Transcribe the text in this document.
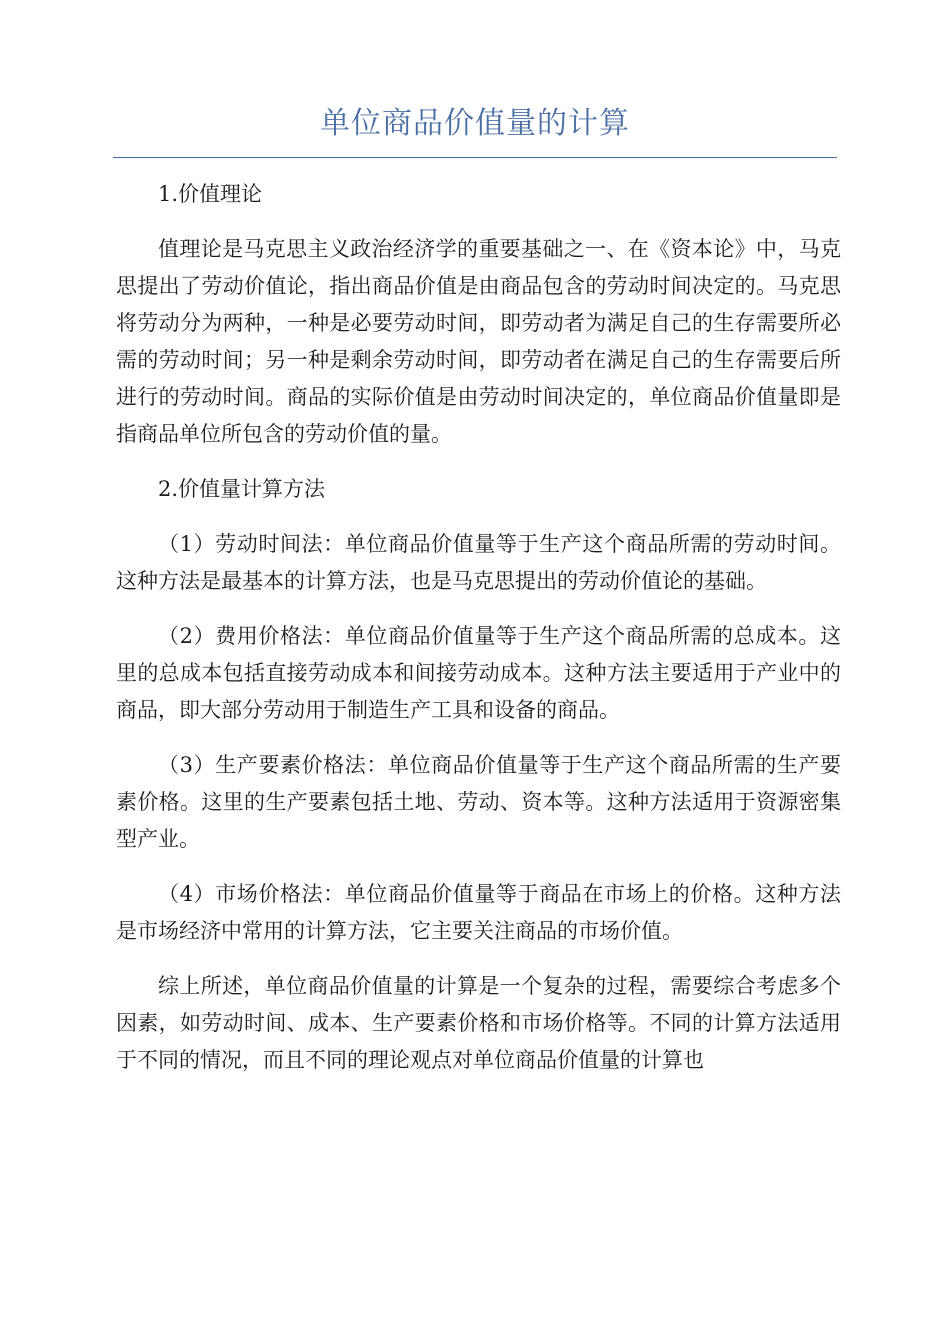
单位商品价值量的计算

1.价值理论

值理论是马克思主义政治经济学的重要基础之一、在《资本论》中，马克思提出了劳动价值论，指出商品价值是由商品包含的劳动时间决定的。马克思将劳动分为两种，一种是必要劳动时间，即劳动者为满足自己的生存需要所必需的劳动时间；另一种是剩余劳动时间，即劳动者在满足自己的生存需要后所进行的劳动时间。商品的实际价值是由劳动时间决定的，单位商品价值量即是指商品单位所包含的劳动价值的量。

2.价值量计算方法

（1）劳动时间法：单位商品价值量等于生产这个商品所需的劳动时间。这种方法是最基本的计算方法，也是马克思提出的劳动价值论的基础。

（2）费用价格法：单位商品价值量等于生产这个商品所需的总成本。这里的总成本包括直接劳动成本和间接劳动成本。这种方法主要适用于产业中的商品，即大部分劳动用于制造生产工具和设备的商品。

（3）生产要素价格法：单位商品价值量等于生产这个商品所需的生产要素价格。这里的生产要素包括土地、劳动、资本等。这种方法适用于资源密集型产业。

（4）市场价格法：单位商品价值量等于商品在市场上的价格。这种方法是市场经济中常用的计算方法，它主要关注商品的市场价值。

综上所述，单位商品价值量的计算是一个复杂的过程，需要综合考虑多个因素，如劳动时间、成本、生产要素价格和市场价格等。不同的计算方法适用于不同的情况，而且不同的理论观点对单位商品价值量的计算也
